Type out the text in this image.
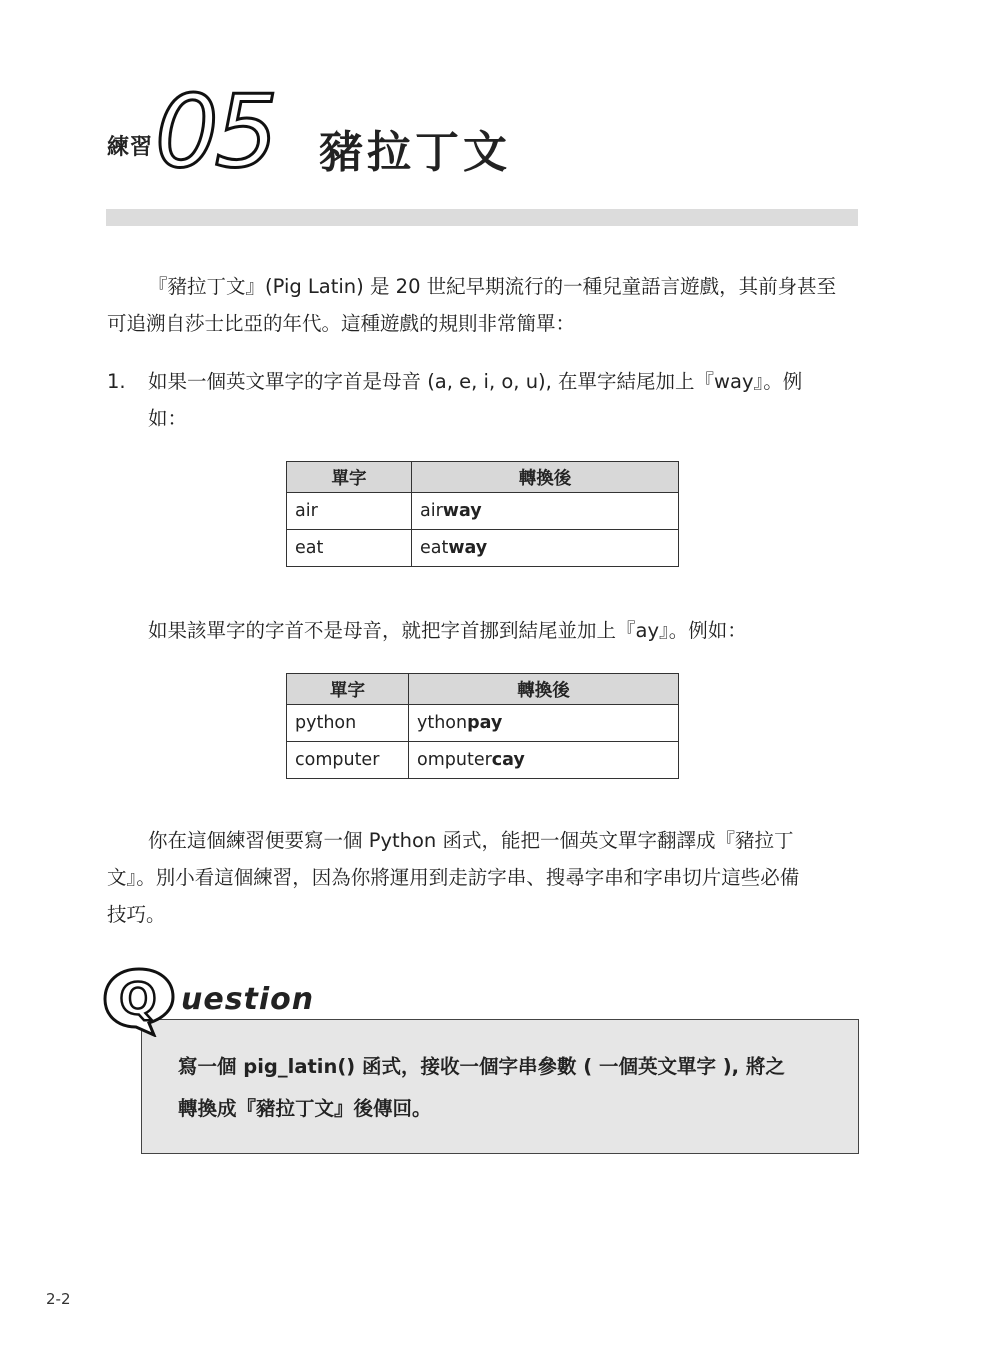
練習 05 豬拉丁文
『豬拉丁文』(Pig Latin) 是 20 世紀早期流行的一種兒童語言遊戲，其前身甚至
可追溯自莎士比亞的年代。這種遊戲的規則非常簡單：
1. 如果一個英文單字的字首是母音 (a, e, i, o, u), 在單字結尾加上『way』。例
如：
單字	轉換後
air	airway
eat	eatway
如果該單字的字首不是母音，就把字首挪到結尾並加上『ay』。例如：
單字	轉換後
python	ythonpay
computer	omputercay
你在這個練習便要寫一個 Python 函式，能把一個英文單字翻譯成『豬拉丁
文』。別小看這個練習，因為你將運用到走訪字串、搜尋字串和字串切片這些必備
技巧。
寫一個 pig_latin() 函式，接收一個字串參數 ( 一個英文單字 ), 將之
轉換成『豬拉丁文』後傳回。
Q uestion
2-2
